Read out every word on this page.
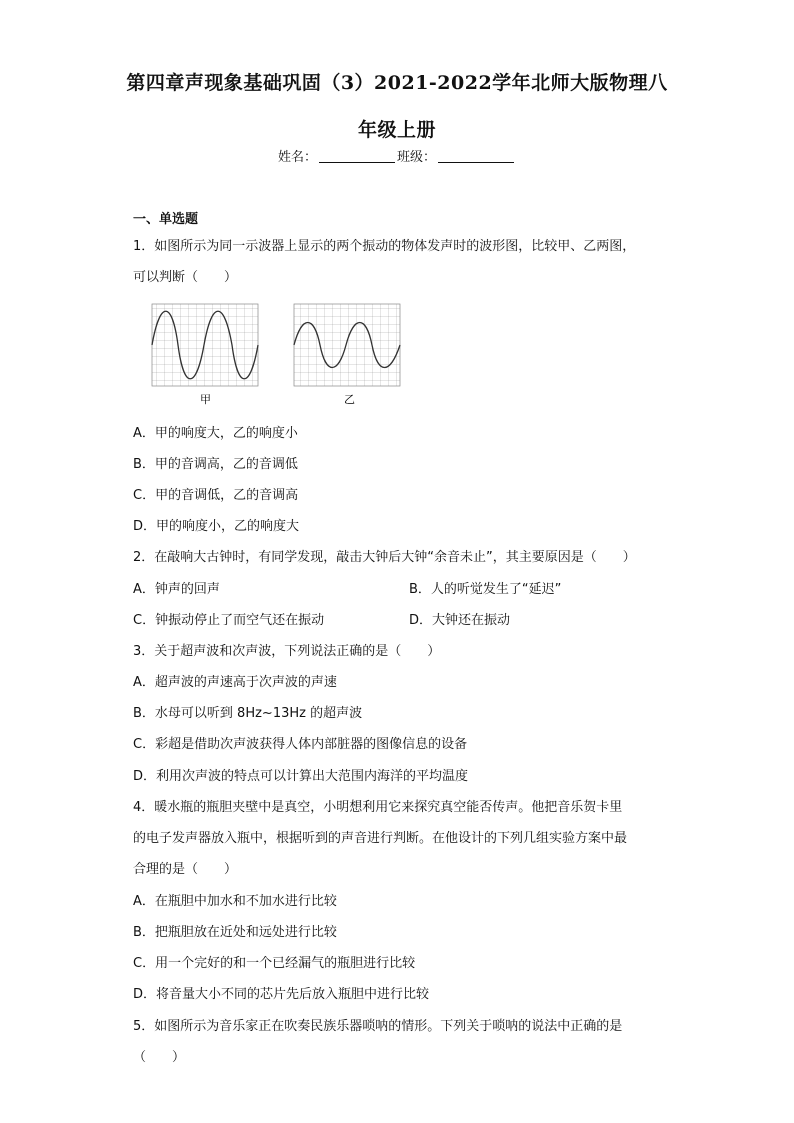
第四章声现象基础巩固（3）2021-2022学年北师大版物理八
年级上册
姓名：	班级：
一、单选题
1．如图所示为同一示波器上显示的两个振动的物体发声时的波形图，比较甲、乙两图，
可以判断（　　）
甲	乙
A．甲的响度大，乙的响度小
B．甲的音调高，乙的音调低
C．甲的音调低，乙的音调高
D．甲的响度小，乙的响度大
2．在敲响大古钟时，有同学发现，敲击大钟后大钟“余音未止”，其主要原因是（　　）
A．钟声的回声	B．人的听觉发生了“延迟”
C．钟振动停止了而空气还在振动	D．大钟还在振动
3．关于超声波和次声波，下列说法正确的是（　　）
A．超声波的声速高于次声波的声速
B．水母可以听到 8Hz~13Hz 的超声波
C．彩超是借助次声波获得人体内部脏器的图像信息的设备
D．利用次声波的特点可以计算出大范围内海洋的平均温度
4．暖水瓶的瓶胆夹壁中是真空，小明想利用它来探究真空能否传声。他把音乐贺卡里
的电子发声器放入瓶中，根据听到的声音进行判断。在他设计的下列几组实验方案中最
合理的是（　　）
A．在瓶胆中加水和不加水进行比较
B．把瓶胆放在近处和远处进行比较
C．用一个完好的和一个已经漏气的瓶胆进行比较
D．将音量大小不同的芯片先后放入瓶胆中进行比较
5．如图所示为音乐家正在吹奏民族乐器唢呐的情形。下列关于唢呐的说法中正确的是
（　　）
